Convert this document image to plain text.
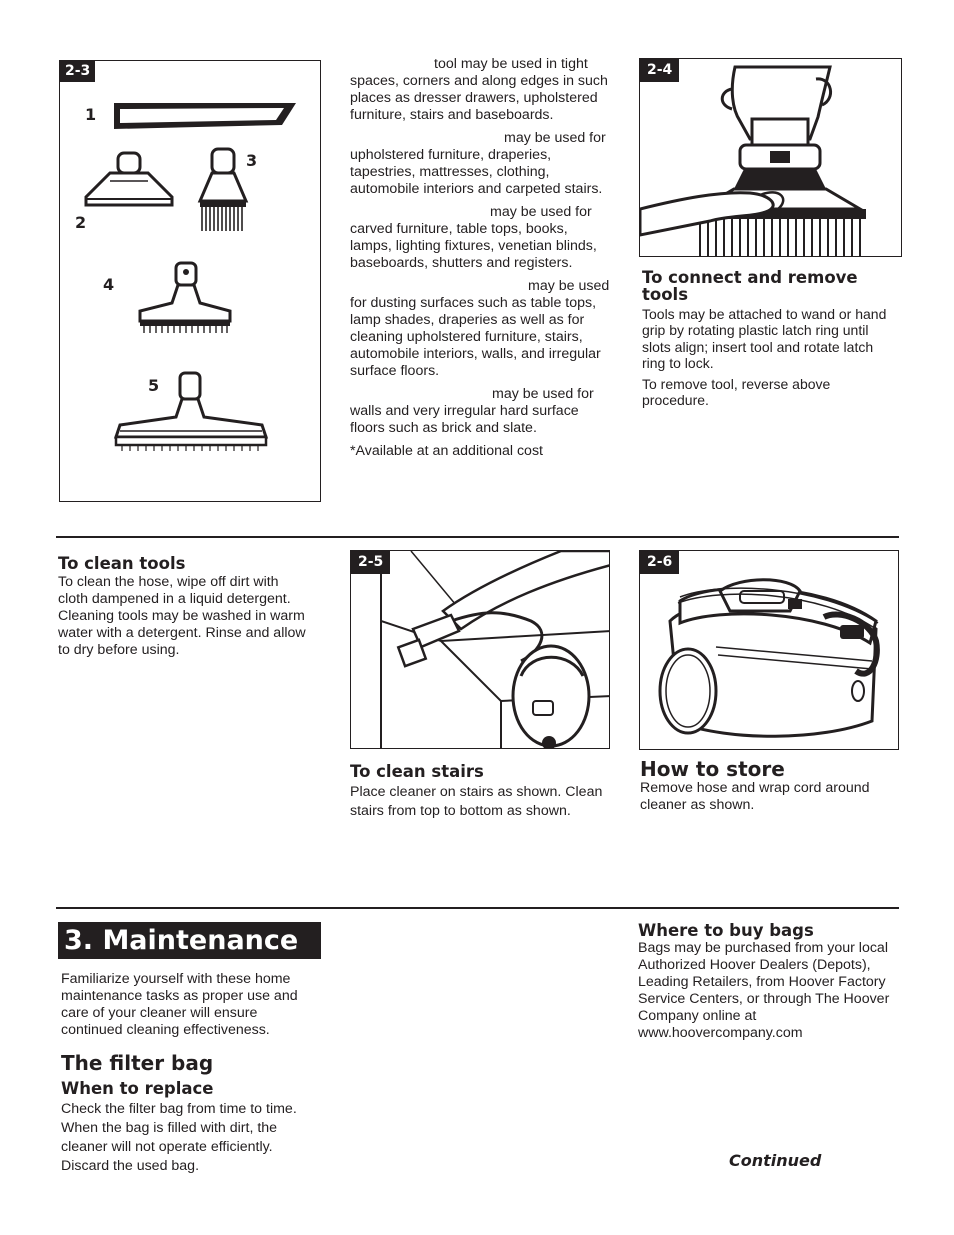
2-3
1
2
3
4
5

tool may be used in tight spaces, corners and along edges in such places as dresser drawers, upholstered furniture, stairs and baseboards.

may be used for upholstered furniture, draperies, tapestries, mattresses, clothing, automobile interiors and carpeted stairs.

may be used for carved furniture, table tops, books, lamps, lighting fixtures, venetian blinds, baseboards, shutters and registers.

may be used for dusting surfaces such as table tops, lamp shades, draperies as well as for cleaning upholstered furniture, stairs, automobile interiors, walls, and irregular surface floors.

may be used for walls and very irregular hard surface floors such as brick and slate.

*Available at an additional cost

2-4
To connect and remove tools

Tools may be attached to wand or hand grip by rotating plastic latch ring until slots align; insert tool and rotate latch ring to lock.

To remove tool, reverse above procedure.

To clean tools
To clean the hose, wipe off dirt with cloth dampened in a liquid detergent. Cleaning tools may be washed in warm water with a detergent. Rinse and allow to dry before using.
2-5
To clean stairs
Place cleaner on stairs as shown. Clean stairs from top to bottom as shown.
2-6
How to store
Remove hose and wrap cord around cleaner as shown.
3. Maintenance
Familiarize yourself with these home maintenance tasks as proper use and care of your cleaner will ensure continued cleaning effectiveness.
The filter bag
When to replace
Check the filter bag from time to time. When the bag is filled with dirt, the cleaner will not operate efficiently. Discard the used bag.
Where to buy bags
Bags may be purchased from your local Authorized Hoover Dealers (Depots), Leading Retailers, from Hoover Factory Service Centers, or through The Hoover Company online at www.hoovercompany.com
Continued
